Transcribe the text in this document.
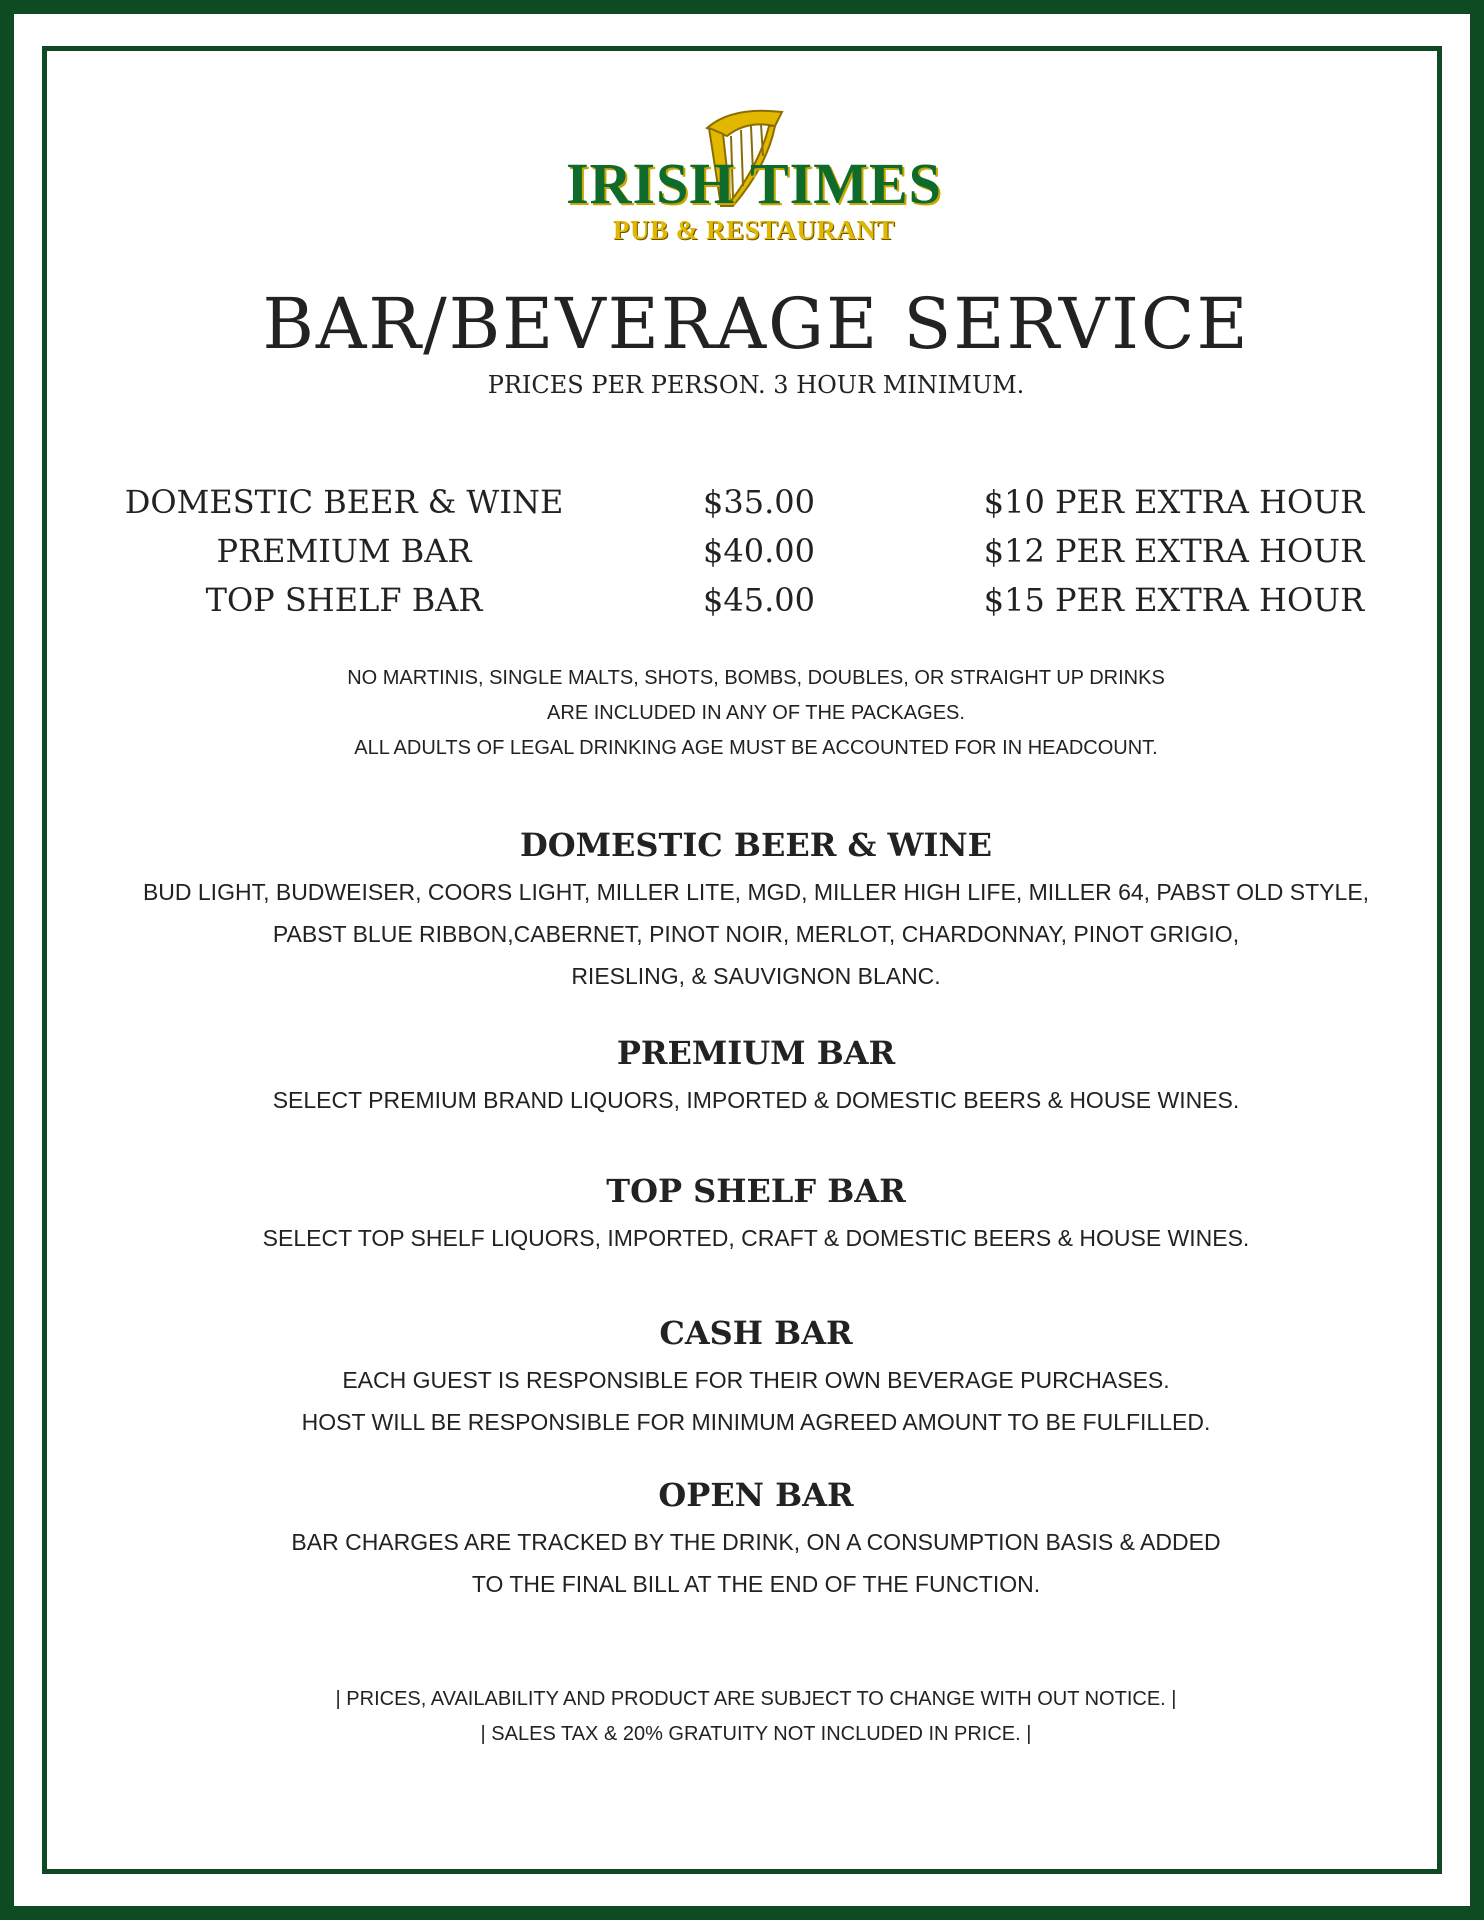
IRISH TIMES
PUB & RESTAURANT
BAR/BEVERAGE SERVICE
PRICES PER PERSON. 3 HOUR MINIMUM.
DOMESTIC BEER & WINE	$35.00	$10 PER EXTRA HOUR
PREMIUM BAR	$40.00	$12 PER EXTRA HOUR
TOP SHELF BAR	$45.00	$15 PER EXTRA HOUR
NO MARTINIS, SINGLE MALTS, SHOTS, BOMBS, DOUBLES, OR STRAIGHT UP DRINKS
ARE INCLUDED IN ANY OF THE PACKAGES.
ALL ADULTS OF LEGAL DRINKING AGE MUST BE ACCOUNTED FOR IN HEADCOUNT.
DOMESTIC BEER & WINE
BUD LIGHT, BUDWEISER, COORS LIGHT, MILLER LITE, MGD, MILLER HIGH LIFE, MILLER 64, PABST OLD STYLE,
PABST BLUE RIBBON,CABERNET, PINOT NOIR, MERLOT, CHARDONNAY, PINOT GRIGIO,
RIESLING, & SAUVIGNON BLANC.
PREMIUM BAR
SELECT PREMIUM BRAND LIQUORS, IMPORTED & DOMESTIC BEERS & HOUSE WINES.
TOP SHELF BAR
SELECT TOP SHELF LIQUORS, IMPORTED, CRAFT & DOMESTIC BEERS & HOUSE WINES.
CASH BAR
EACH GUEST IS RESPONSIBLE FOR THEIR OWN BEVERAGE PURCHASES.
HOST WILL BE RESPONSIBLE FOR MINIMUM AGREED AMOUNT TO BE FULFILLED.
OPEN BAR
BAR CHARGES ARE TRACKED BY THE DRINK, ON A CONSUMPTION BASIS & ADDED
TO THE FINAL BILL AT THE END OF THE FUNCTION.
| PRICES, AVAILABILITY AND PRODUCT ARE SUBJECT TO CHANGE WITH OUT NOTICE. |
| SALES TAX & 20% GRATUITY NOT INCLUDED IN PRICE. |
